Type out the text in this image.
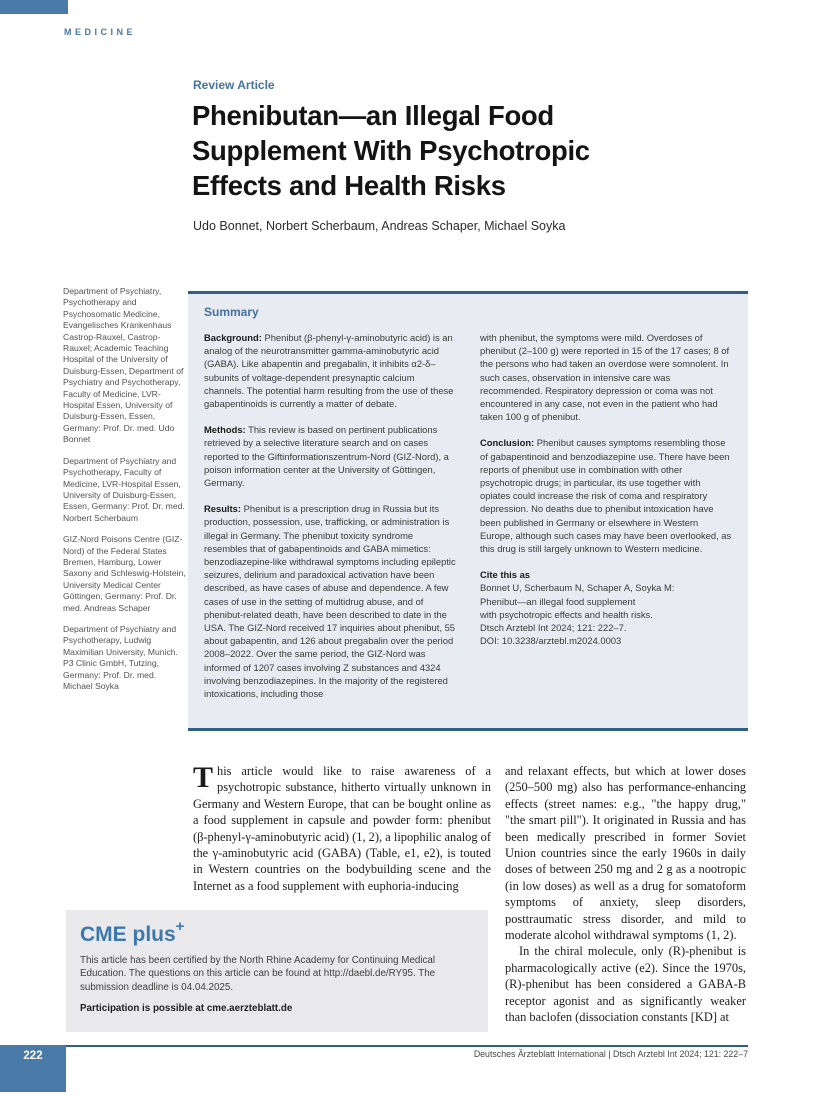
MEDICINE
Review Article
Phenibutan—an Illegal Food
Supplement With Psychotropic
Effects and Health Risks
Udo Bonnet, Norbert Scherbaum, Andreas Schaper, Michael Soyka

Department of Psychiatry, Psychotherapy and Psychosomatic Medicine, Evangelisches Krankenhaus Castrop-Rauxel, Castrop-Rauxel; Academic Teaching Hospital of the University of Duisburg-Essen, Department of Psychiatry and Psychotherapy, Faculty of Medicine, LVR-Hospital Essen, University of Duisburg-Essen, Essen, Germany: Prof. Dr. med. Udo Bonnet

Department of Psychiatry and Psychotherapy, Faculty of Medicine, LVR-Hospital Essen, University of Duisburg-Essen, Essen, Germany: Prof. Dr. med. Norbert Scherbaum

GIZ-Nord Poisons Centre (GIZ-Nord) of the Federal States Bremen, Hamburg, Lower Saxony and Schleswig-Holstein, University Medical Center Göttingen, Germany: Prof. Dr. med. Andreas Schaper

Department of Psychiatry and Psychotherapy, Ludwig Maximilian University, Munich. P3 Clinic GmbH, Tutzing, Germany: Prof. Dr. med. Michael Soyka

Summary

Background: Phenibut (β-phenyl-γ-aminobutyric acid) is an analog of the neurotransmitter gamma-aminobutyric acid (GABA). Like abapentin and pregabalin, it inhibits α2-δ–subunits of voltage-dependent presynaptic calcium channels. The potential harm resulting from the use of these gabapentinoids is currently a matter of debate.

Methods: This review is based on pertinent publications retrieved by a selective literature search and on cases reported to the Giftinformationszentrum-Nord (GIZ-Nord), a poison information center at the University of Göttingen, Germany.

Results: Phenibut is a prescription drug in Russia but its production, possession, use, trafficking, or administration is illegal in Germany. The phenibut toxicity syndrome resembles that of gabapentinoids and GABA mimetics: benzodiazepine-like withdrawal symptoms including epileptic seizures, delirium and paradoxical activation have been described, as have cases of abuse and dependence. A few cases of use in the setting of multidrug abuse, and of phenibut-related death, have been described to date in the USA. The GIZ-Nord received 17 inquiries about phenibut, 55 about gabapentin, and 126 about pregabalin over the period 2008–2022. Over the same period, the GIZ-Nord was informed of 1207 cases involving Z substances and 4324 involving benzodiazepines. In the majority of the registered intoxications, including those

with phenibut, the symptoms were mild. Overdoses of phenibut (2–100 g) were reported in 15 of the 17 cases; 8 of the persons who had taken an overdose were somnolent. In such cases, observation in intensive care was recommended. Respiratory depression or coma was not encountered in any case, not even in the patient who had taken 100 g of phenibut.

Conclusion: Phenibut causes symptoms resembling those of gabapentinoid and benzodiazepine use. There have been reports of phenibut use in combination with other psychotropic drugs; in particular, its use together with opiates could increase the risk of coma and respiratory depression. No deaths due to phenibut intoxication have been published in Germany or elsewhere in Western Europe, although such cases may have been overlooked, as this drug is still largely unknown to Western medicine.

Cite this as
Bonnet U, Scherbaum N, Schaper A, Soyka M:
Phenibut—an illegal food supplement
with psychotropic effects and health risks.
Dtsch Arztebl Int 2024; 121: 222–7.
DOI: 10.3238/arztebl.m2024.0003

This article would like to raise awareness of a psychotropic substance, hitherto virtually unknown in Germany and Western Europe, that can be bought online as a food supplement in capsule and powder form: phenibut (β-phenyl-γ-aminobutyric acid) (1, 2), a lipophilic analog of the γ-aminobutyric acid (GABA) (Table, e1, e2), is touted in Western countries on the bodybuilding scene and the Internet as a food supplement with euphoria-inducing

and relaxant effects, but which at lower doses (250–500 mg) also has performance-enhancing effects (street names: e.g., "the happy drug," "the smart pill"). It originated in Russia and has been medically prescribed in former Soviet Union countries since the early 1960s in daily doses of between 250 mg and 2 g as a nootropic (in low doses) as well as a drug for somatoform symptoms of anxiety, sleep disorders, posttraumatic stress disorder, and mild to moderate alcohol withdrawal symptoms (1, 2).

In the chiral molecule, only (R)-phenibut is pharmacologically active (e2). Since the 1970s, (R)-phenibut has been considered a GABA-B receptor agonist and as significantly weaker than baclofen (dissociation constants [KD] at

CME plus+

This article has been certified by the North Rhine Academy for Continuing Medical Education. The questions on this article can be found at http://daebl.de/RY95. The submission deadline is 04.04.2025.

Participation is possible at cme.aerzteblatt.de

222	Deutsches Ärzteblatt International | Dtsch Arztebl Int 2024; 121: 222–7
